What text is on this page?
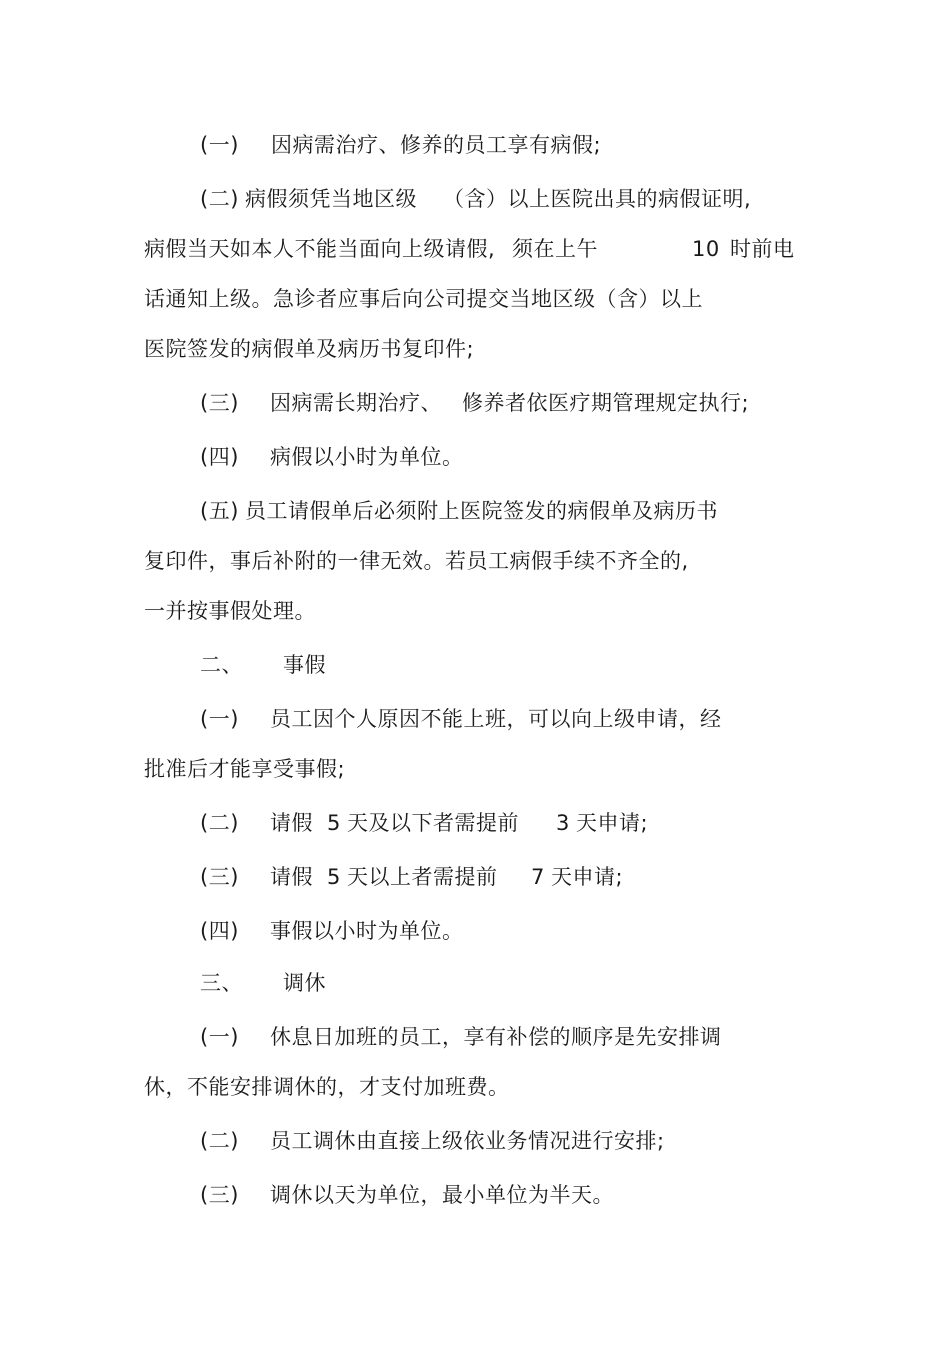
(一) 因病需治疗、修养的员工享有病假;
(二) 病假须凭当地区级 （含）以上医院出具的病假证明,
病假当天如本人不能当面向上级请假, 须在上午	10 时前电
话通知上级。急诊者应事后向公司提交当地区级（含）以上
医院签发的病假单及病历书复印件;
(三) 因病需长期治疗、 修养者依医疗期管理规定执行;
(四) 病假以小时为单位。
(五) 员工请假单后必须附上医院签发的病假单及病历书
复印件，事后补附的一律无效。若员工病假手续不齐全的,
一并按事假处理。
二、 事假
(一) 员工因个人原因不能上班，可以向上级申请，经
批准后才能享受事假;
(二) 请假 5 天及以下者需提前 3 天申请;
(三) 请假 5 天以上者需提前 7 天申请;
(四) 事假以小时为单位。
三、 调休
(一) 休息日加班的员工，享有补偿的顺序是先安排调
休，不能安排调休的，才支付加班费。
(二) 员工调休由直接上级依业务情况进行安排;
(三) 调休以天为单位，最小单位为半天。
